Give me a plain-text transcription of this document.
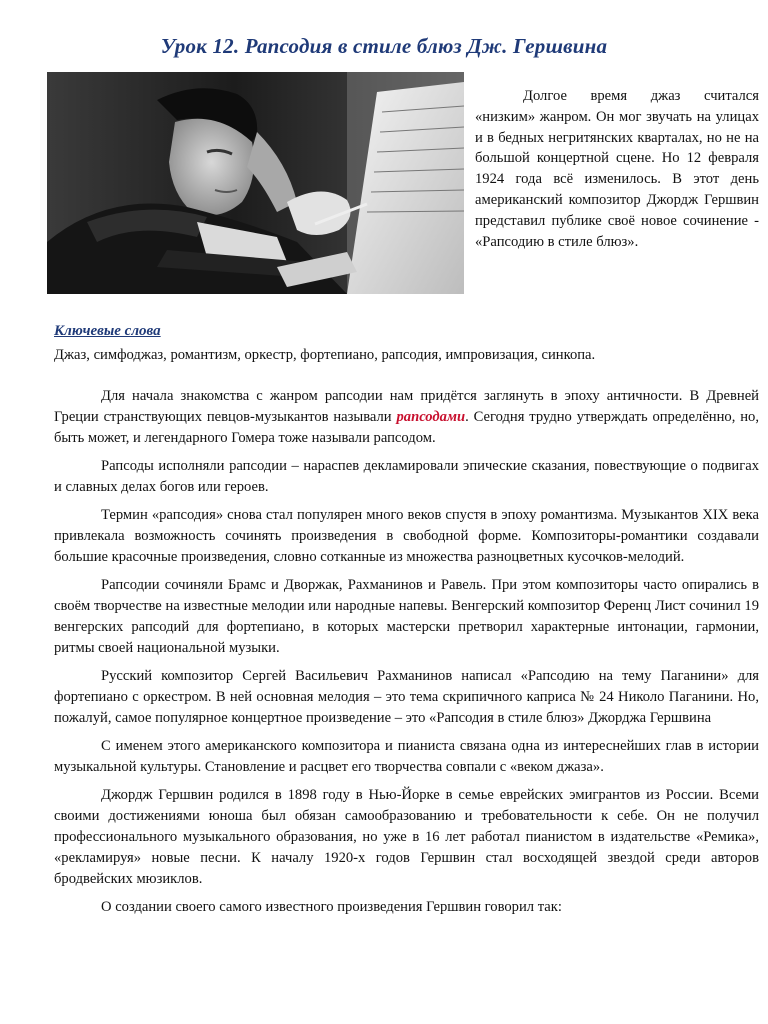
Урок 12. Рапсодия в стиле блюз Дж. Гершвина
Долгое время джаз считался «низким» жанром. Он мог звучать на улицах и в бедных негритянских кварталах, но не на большой концертной сцене. Но 12 февраля 1924 года всё изменилось. В этот день американский композитор Джордж Гершвин представил публике своё новое сочинение - «Рапсодию в стиле блюз».
Ключевые слова
Джаз, симфоджаз, романтизм, оркестр, фортепиано, рапсодия, импровизация, синкопа.

Для начала знакомства с жанром рапсодии нам придётся заглянуть в эпоху античности. В Древней Греции странствующих певцов-музыкантов называли рапсодами. Сегодня трудно утверждать определённо, но, быть может, и легендарного Гомера тоже называли рапсодом.

Рапсоды исполняли рапсодии – нараспев декламировали эпические сказания, повествующие о подвигах и славных делах богов или героев.

Термин «рапсодия» снова стал популярен много веков спустя в эпоху романтизма. Музыкантов XIX века привлекала возможность сочинять произведения в свободной форме. Композиторы-романтики создавали большие красочные произведения, словно сотканные из множества разноцветных кусочков-мелодий.

Рапсодии сочиняли Брамс и Дворжак, Рахманинов и Равель. При этом композиторы часто опирались в своём творчестве на известные мелодии или народные напевы. Венгерский композитор Ференц Лист сочинил 19 венгерских рапсодий для фортепиано, в которых мастерски претворил характерные интонации, гармонии, ритмы своей национальной музыки.

Русский композитор Сергей Васильевич Рахманинов написал «Рапсодию на тему Паганини» для фортепиано с оркестром. В ней основная мелодия – это тема скрипичного каприса № 24 Николо Паганини. Но, пожалуй, самое популярное концертное произведение – это «Рапсодия в стиле блюз» Джорджа Гершвина

С именем этого американского композитора и пианиста связана одна из интереснейших глав в истории музыкальной культуры. Становление и расцвет его творчества совпали с «веком джаза».

Джордж Гершвин родился в 1898 году в Нью-Йорке в семье еврейских эмигрантов из России. Всеми своими достижениями юноша был обязан самообразованию и требовательности к себе. Он не получил профессионального музыкального образования, но уже в 16 лет работал пианистом в издательстве «Ремика», «рекламируя» новые песни. К началу 1920-х годов Гершвин стал восходящей звездой среди авторов бродвейских мюзиклов.

О создании своего самого известного произведения Гершвин говорил так:
